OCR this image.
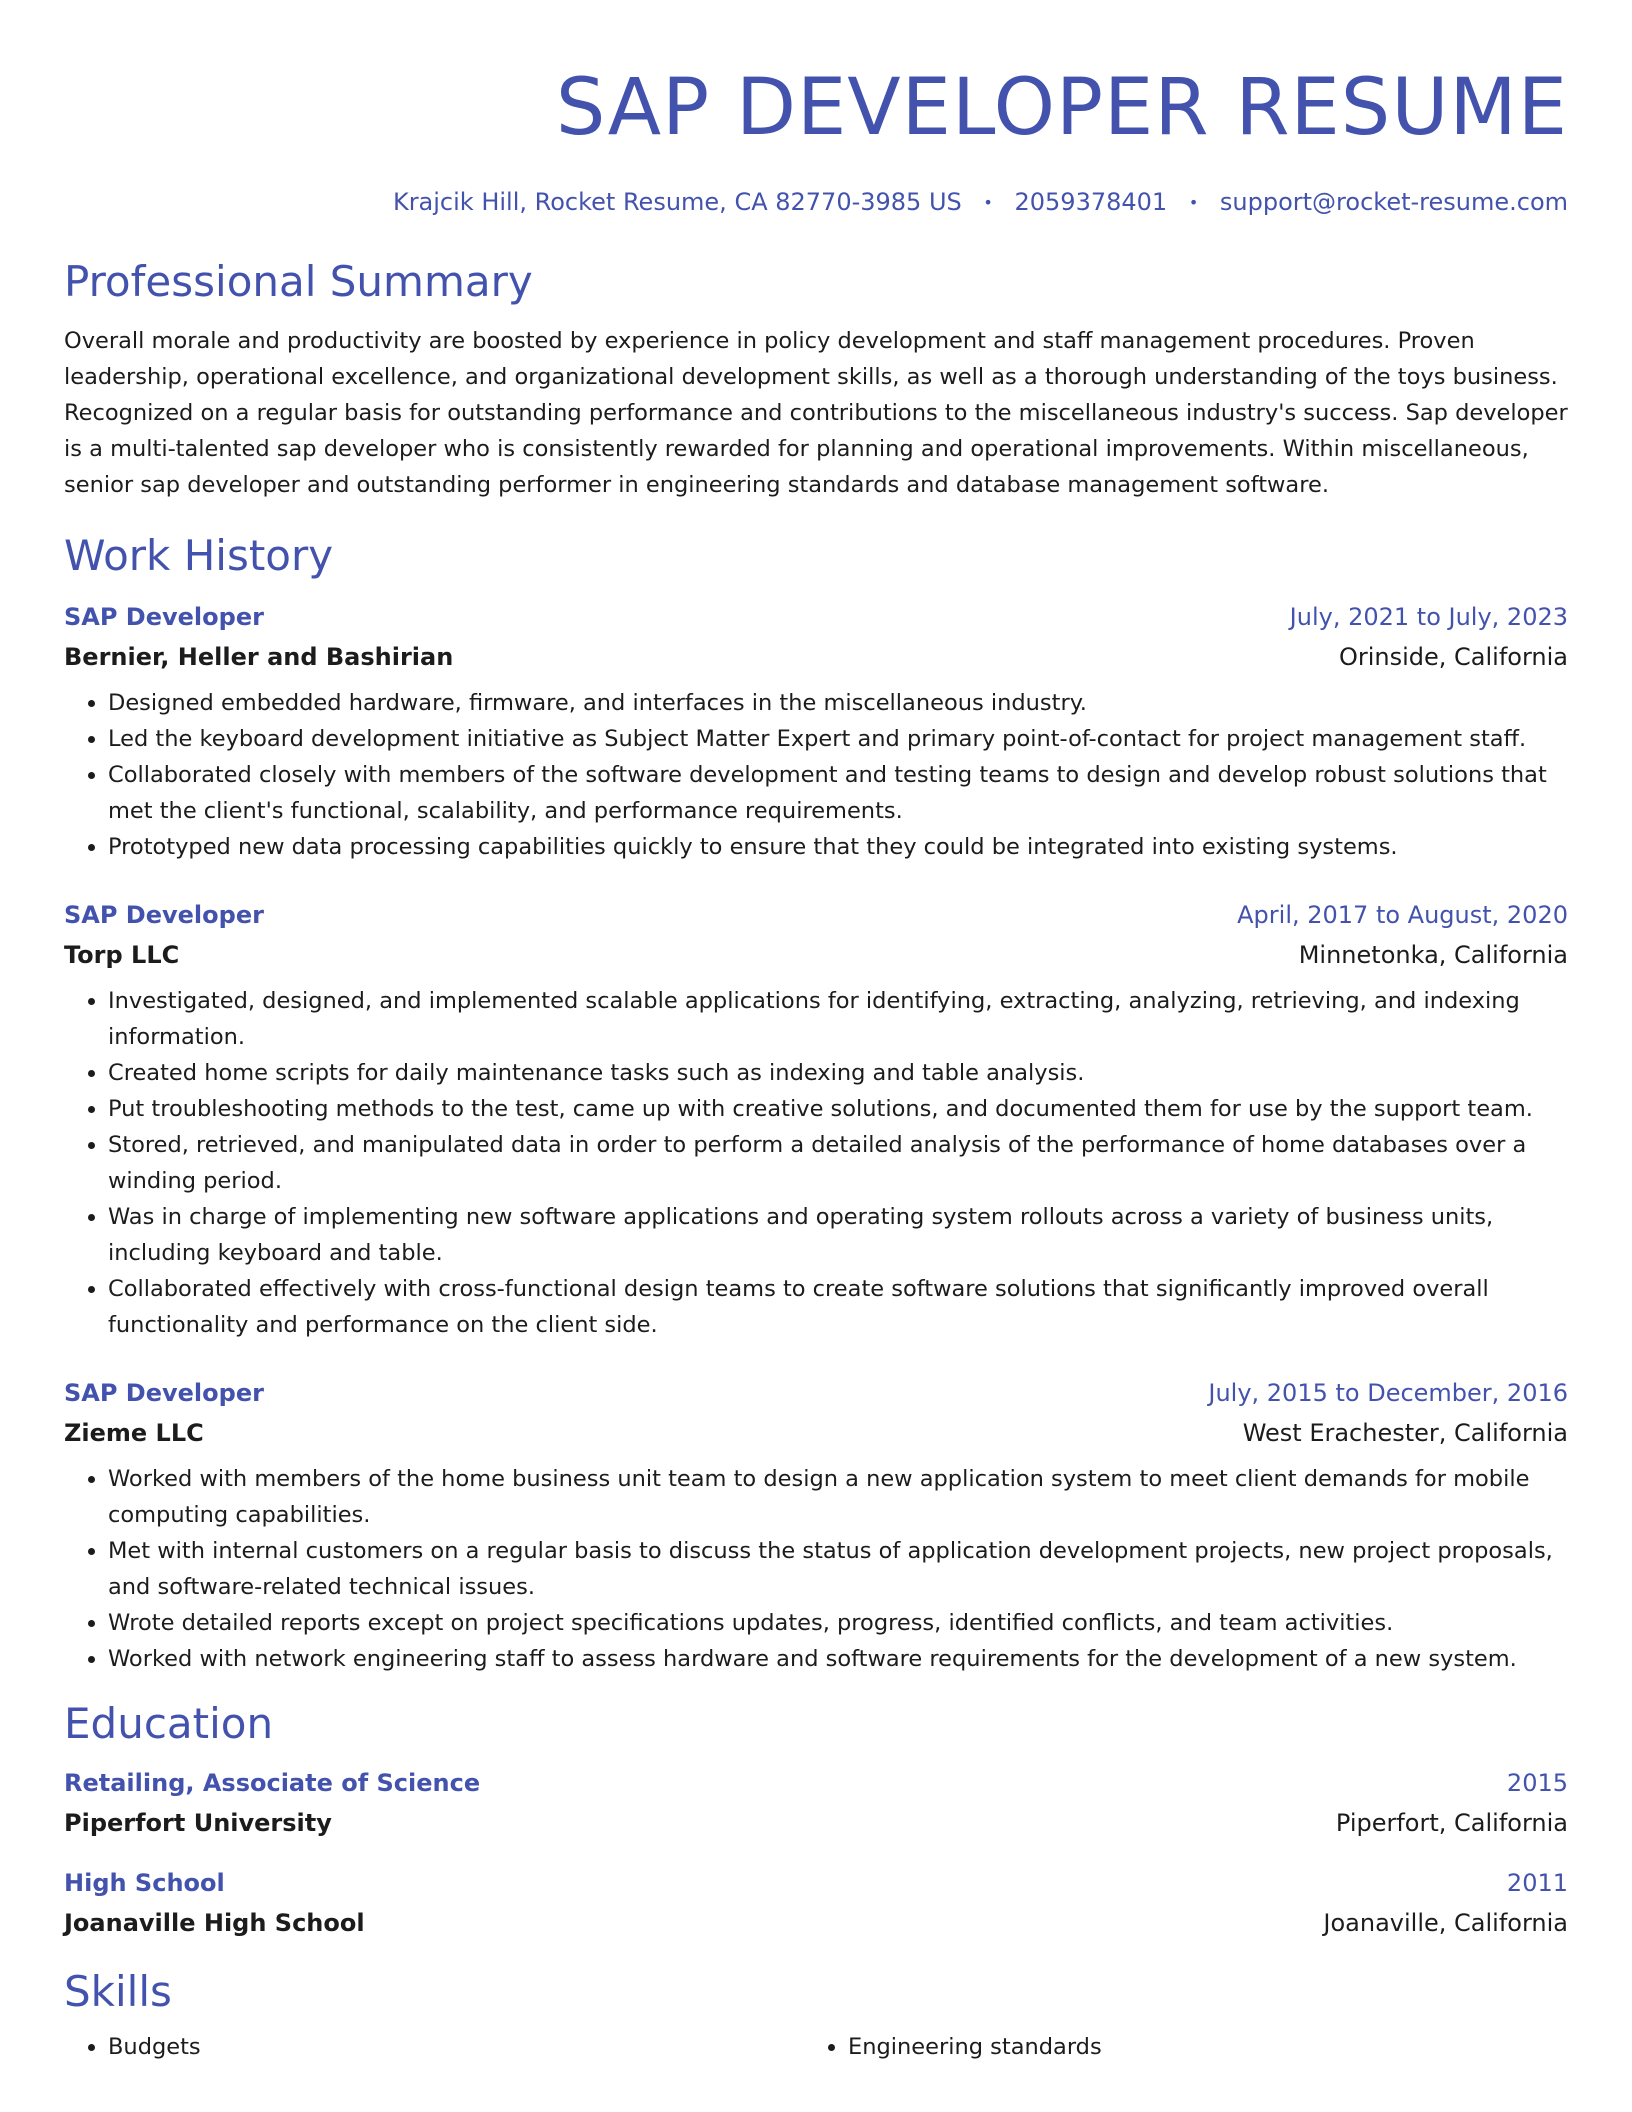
SAP DEVELOPER RESUME
Krajcik Hill, Rocket Resume, CA 82770-3985 US • 2059378401 • support@rocket-resume.com
Professional Summary
Overall morale and productivity are boosted by experience in policy development and staff management procedures. Proven leadership, operational excellence, and organizational development skills, as well as a thorough understanding of the toys business. Recognized on a regular basis for outstanding performance and contributions to the miscellaneous industry's success. Sap developer is a multi-talented sap developer who is consistently rewarded for planning and operational improvements. Within miscellaneous, senior sap developer and outstanding performer in engineering standards and database management software.
Work History
SAP Developer	July, 2021 to July, 2023
Bernier, Heller and Bashirian	Orinside, California
• Designed embedded hardware, firmware, and interfaces in the miscellaneous industry.
• Led the keyboard development initiative as Subject Matter Expert and primary point-of-contact for project management staff.
• Collaborated closely with members of the software development and testing teams to design and develop robust solutions that met the client's functional, scalability, and performance requirements.
• Prototyped new data processing capabilities quickly to ensure that they could be integrated into existing systems.
SAP Developer	April, 2017 to August, 2020
Torp LLC	Minnetonka, California
• Investigated, designed, and implemented scalable applications for identifying, extracting, analyzing, retrieving, and indexing information.
• Created home scripts for daily maintenance tasks such as indexing and table analysis.
• Put troubleshooting methods to the test, came up with creative solutions, and documented them for use by the support team.
• Stored, retrieved, and manipulated data in order to perform a detailed analysis of the performance of home databases over a winding period.
• Was in charge of implementing new software applications and operating system rollouts across a variety of business units, including keyboard and table.
• Collaborated effectively with cross-functional design teams to create software solutions that significantly improved overall functionality and performance on the client side.
SAP Developer	July, 2015 to December, 2016
Zieme LLC	West Erachester, California
• Worked with members of the home business unit team to design a new application system to meet client demands for mobile computing capabilities.
• Met with internal customers on a regular basis to discuss the status of application development projects, new project proposals, and software-related technical issues.
• Wrote detailed reports except on project specifications updates, progress, identified conflicts, and team activities.
• Worked with network engineering staff to assess hardware and software requirements for the development of a new system.
Education
Retailing, Associate of Science	2015
Piperfort University	Piperfort, California
High School	2011
Joanaville High School	Joanaville, California
Skills
• Budgets
•	Engineering standards
